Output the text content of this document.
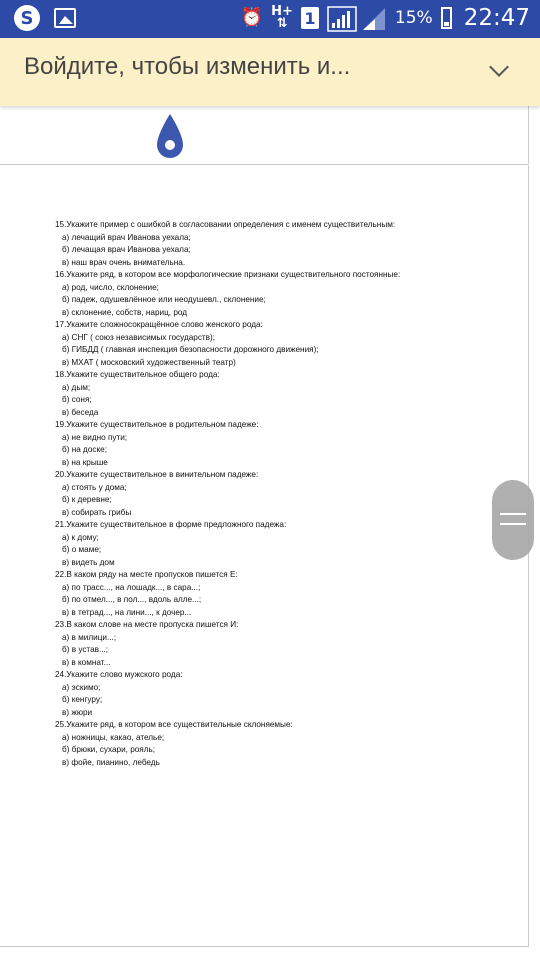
S	⏰ H+
⇅	1	15% 22:47
Войдите, чтобы изменить и...
15.Укажите пример с ошибкой в согласовании определения с именем существительным:
а) лечащий врач Иванова уехала;
б) лечащая врач Иванова уехала;
в) наш врач очень внимательна.
16.Укажите ряд, в котором все морфологические признаки существительного постоянные:
а) род, число, склонение;
б) падеж, одушевлённое или неодушевл., склонение;
в) склонение, собств, нариц, род
17.Укажите сложносокращённое слово женского рода:
а) СНГ ( союз независимых государств);
б) ГИБДД ( главная инспекция безопасности дорожного движения);
в) МХАТ ( московский художественный театр)
18.Укажите существительное общего рода:
а) дым;
б) соня;
в) беседа
19.Укажите существительное в родительном падеже:
а) не видно пути;
б) на доске;
в) на крыше
20.Укажите существительное в винительном падеже:
а) стоять у дома;
б) к деревне;
в) собирать грибы
21.Укажите существительное в форме предложного падежа:
а) к дому;
б) о маме;
в) видеть дом
22.В каком ряду на месте пропусков пишется Е:
а) по трасс..., на лошадк..., в сара...;
б) по отмел..., в пол..., вдоль алле...;
в) в тетрад..., на лини..., к дочер...
23.В каком слове на месте пропуска пишется И:
а) в милици...;
б) в устав...;
в) в комнат...
24.Укажите слово мужского рода:
а) эскимо;
б) кенгуру;
в) жюри
25.Укажите ряд, в котором все существительные склоняемые:
а) ножницы, какао, ателье;
б) брюки, сухари, рояль;
в) фойе, пианино, лебедь
